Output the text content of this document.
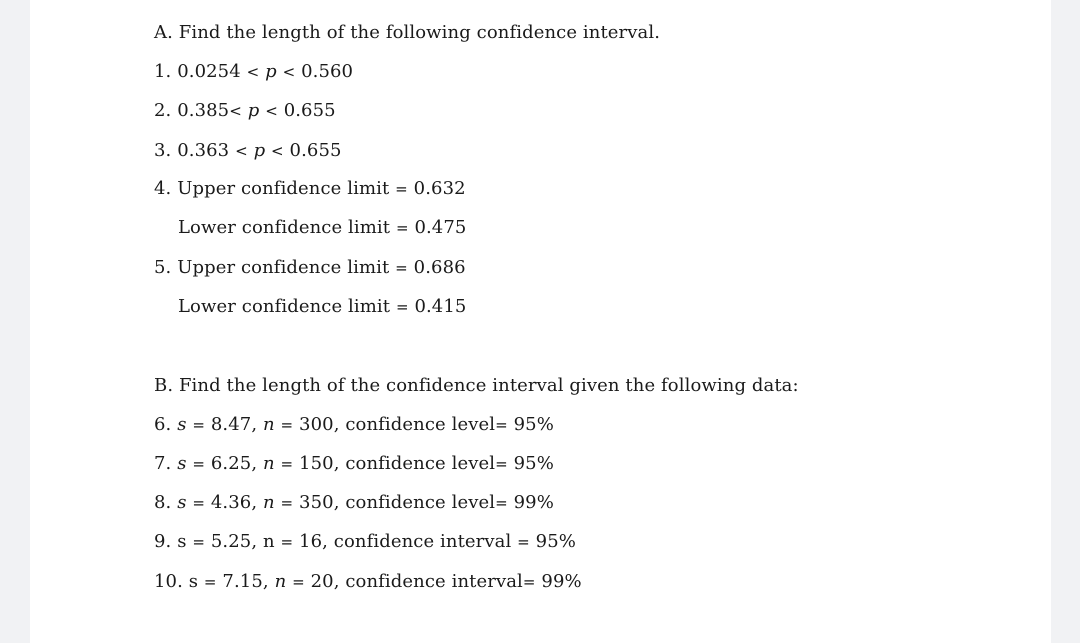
A. Find the length of the following confidence interval.
1. 0.0254 < p < 0.560
2. 0.385< p < 0.655
3. 0.363 < p < 0.655
4. Upper confidence limit = 0.632
Lower confidence limit = 0.475
5. Upper confidence limit = 0.686
Lower confidence limit = 0.415
B. Find the length of the confidence interval given the following data:
6. s = 8.47, n = 300, confidence level= 95%
7. s = 6.25, n = 150, confidence level= 95%
8. s = 4.36, n = 350, confidence level= 99%
9. s = 5.25, n = 16, confidence interval = 95%
10. s = 7.15, n = 20, confidence interval= 99%
